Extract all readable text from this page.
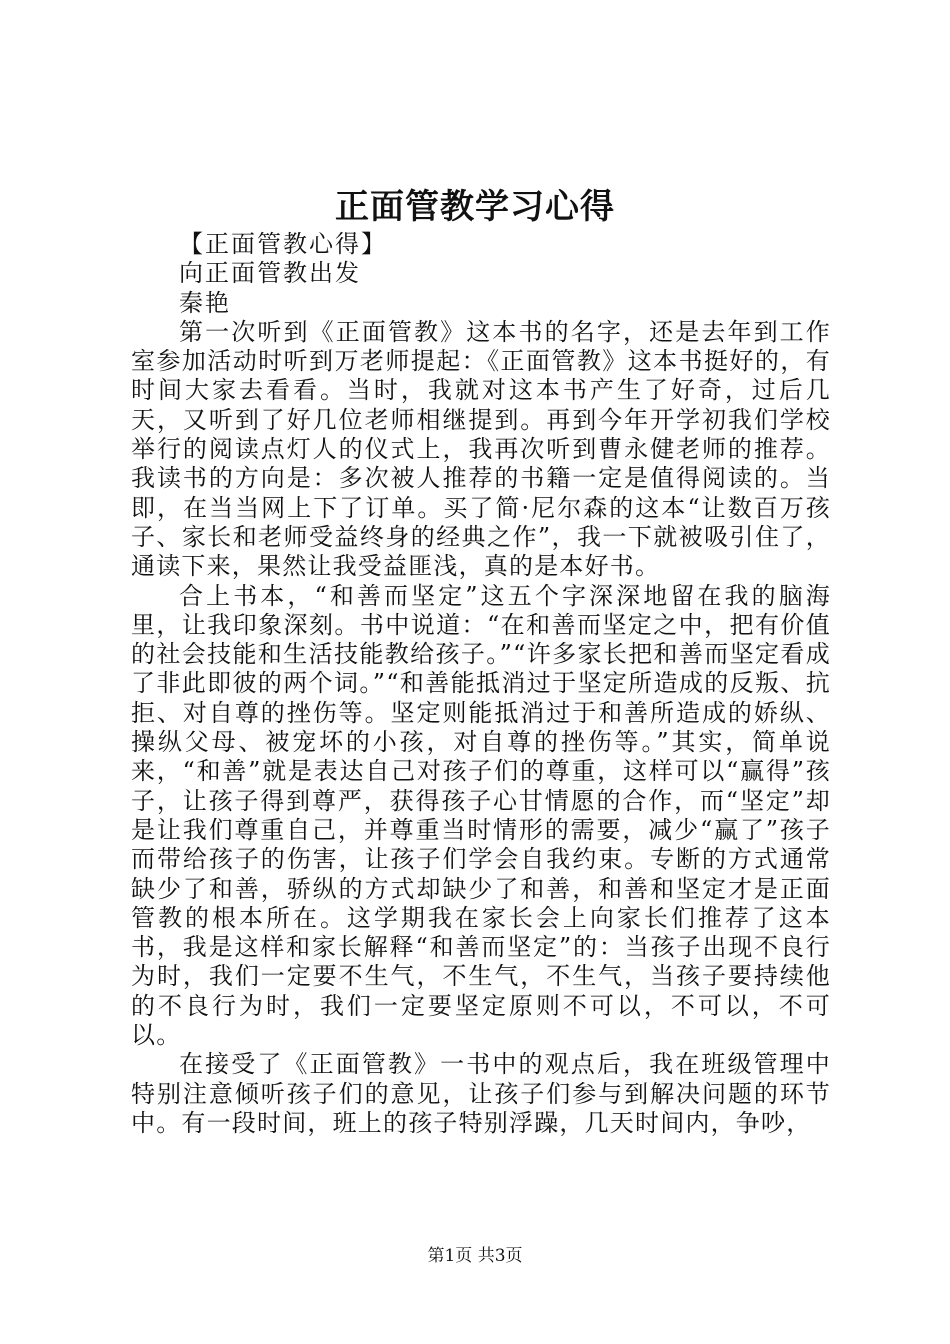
正面管教学习心得

【正面管教心得】

向正面管教出发

秦艳

第一次听到《正面管教》这本书的名字，还是去年到工作室参加活动时听到万老师提起：《正面管教》这本书挺好的，有时间大家去看看。当时，我就对这本书产生了好奇，过后几天，又听到了好几位老师相继提到。再到今年开学初我们学校举行的阅读点灯人的仪式上，我再次听到曹永健老师的推荐。我读书的方向是：多次被人推荐的书籍一定是值得阅读的。当即，在当当网上下了订单。买了简·尼尔森的这本“让数百万孩子、家长和老师受益终身的经典之作”，我一下就被吸引住了，通读下来，果然让我受益匪浅，真的是本好书。

合上书本，“和善而坚定”这五个字深深地留在我的脑海里，让我印象深刻。书中说道：“在和善而坚定之中，把有价值的社会技能和生活技能教给孩子。”“许多家长把和善而坚定看成了非此即彼的两个词。”“和善能抵消过于坚定所造成的反叛、抗拒、对自尊的挫伤等。坚定则能抵消过于和善所造成的娇纵、操纵父母、被宠坏的小孩，对自尊的挫伤等。”其实，简单说来，“和善”就是表达自己对孩子们的尊重，这样可以“赢得”孩子，让孩子得到尊严，获得孩子心甘情愿的合作，而“坚定”却是让我们尊重自己，并尊重当时情形的需要，减少“赢了”孩子而带给孩子的伤害，让孩子们学会自我约束。专断的方式通常缺少了和善，骄纵的方式却缺少了和善，和善和坚定才是正面管教的根本所在。这学期我在家长会上向家长们推荐了这本书，我是这样和家长解释“和善而坚定”的：当孩子出现不良行为时，我们一定要不生气，不生气，不生气，当孩子要持续他的不良行为时，我们一定要坚定原则不可以，不可以，不可以。

在接受了《正面管教》一书中的观点后，我在班级管理中特别注意倾听孩子们的意见，让孩子们参与到解决问题的环节中。有一段时间，班上的孩子特别浮躁，几天时间内，争吵，

第1页 共3页
